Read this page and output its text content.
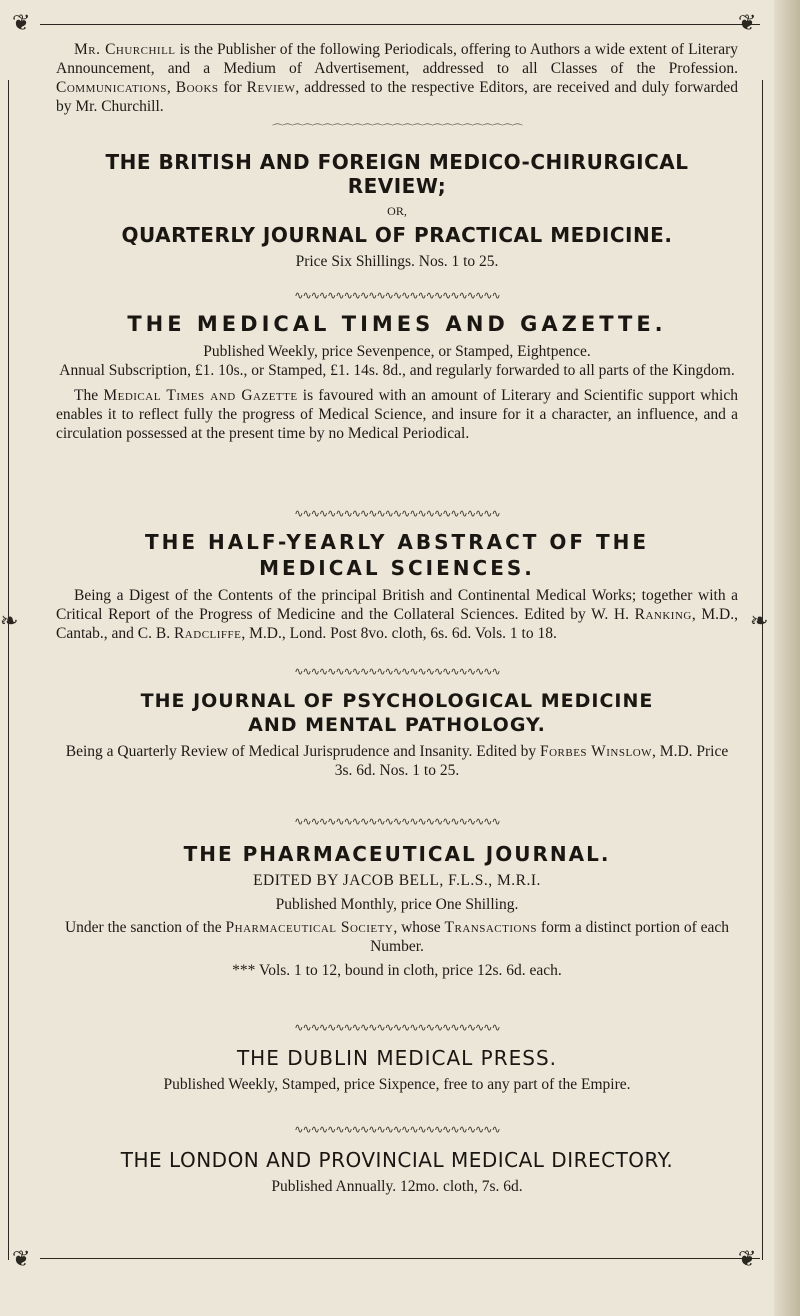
❦	❦
❦	❦
❧	❧
Mr. Churchill is the Publisher of the following Periodicals, offering to Authors a wide extent of Literary Announcement, and a Medium of Advertisement, addressed to all Classes of the Profession. Communications, Books for Review, addressed to the respective Editors, are received and duly forwarded by Mr. Churchill.
⌒⌒⌒⌒⌒⌒⌒⌒⌒⌒⌒⌒⌒⌒⌒⌒⌒⌒⌒⌒⌒⌒⌒⌒⌒
THE BRITISH AND FOREIGN MEDICO-CHIRURGICAL REVIEW;
OR,
QUARTERLY JOURNAL OF PRACTICAL MEDICINE.
Price Six Shillings. Nos. 1 to 25.
∿∿∿∿∿∿∿∿∿∿∿∿∿∿∿∿∿∿∿∿∿∿∿∿∿
THE MEDICAL TIMES AND GAZETTE.
Published Weekly, price Sevenpence, or Stamped, Eightpence.
Annual Subscription, £1. 10s., or Stamped, £1. 14s. 8d., and regularly forwarded to all parts of the Kingdom.
The Medical Times and Gazette is favoured with an amount of Literary and Scientific support which enables it to reflect fully the progress of Medical Science, and insure for it a character, an influence, and a circulation possessed at the present time by no Medical Periodical.
∿∿∿∿∿∿∿∿∿∿∿∿∿∿∿∿∿∿∿∿∿∿∿∿∿
THE HALF-YEARLY ABSTRACT OF THE
MEDICAL SCIENCES.
Being a Digest of the Contents of the principal British and Continental Medical Works; together with a Critical Report of the Progress of Medicine and the Collateral Sciences. Edited by W. H. Ranking, M.D., Cantab., and C. B. Radcliffe, M.D., Lond. Post 8vo. cloth, 6s. 6d. Vols. 1 to 18.
∿∿∿∿∿∿∿∿∿∿∿∿∿∿∿∿∿∿∿∿∿∿∿∿∿
THE JOURNAL OF PSYCHOLOGICAL MEDICINE
AND MENTAL PATHOLOGY.
Being a Quarterly Review of Medical Jurisprudence and Insanity. Edited by Forbes Winslow, M.D. Price 3s. 6d. Nos. 1 to 25.
∿∿∿∿∿∿∿∿∿∿∿∿∿∿∿∿∿∿∿∿∿∿∿∿∿
THE PHARMACEUTICAL JOURNAL.
EDITED BY JACOB BELL, F.L.S., M.R.I.
Published Monthly, price One Shilling.
Under the sanction of the Pharmaceutical Society, whose Transactions form a distinct portion of each Number.
*** Vols. 1 to 12, bound in cloth, price 12s. 6d. each.
∿∿∿∿∿∿∿∿∿∿∿∿∿∿∿∿∿∿∿∿∿∿∿∿∿
THE DUBLIN MEDICAL PRESS.
Published Weekly, Stamped, price Sixpence, free to any part of the Empire.
∿∿∿∿∿∿∿∿∿∿∿∿∿∿∿∿∿∿∿∿∿∿∿∿∿
THE LONDON AND PROVINCIAL MEDICAL DIRECTORY.
Published Annually. 12mo. cloth, 7s. 6d.
